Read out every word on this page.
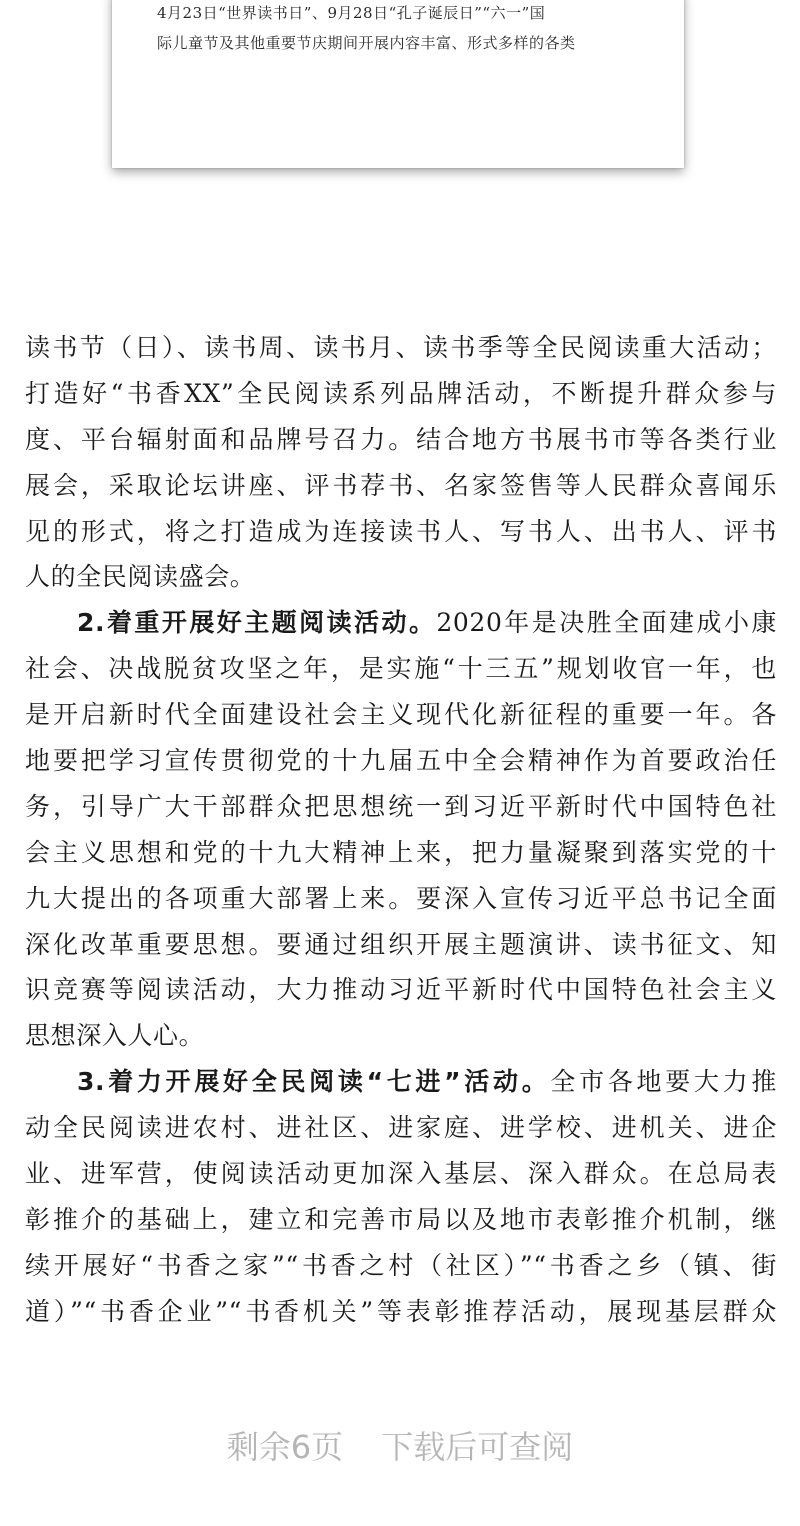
4月23日“世界读书日”、9月28日“孔子诞辰日”“六一”国
际儿童节及其他重要节庆期间开展内容丰富、形式多样的各类
读书节（日）、读书周、读书月、读书季等全民阅读重大活动；
打造好“书香XX”全民阅读系列品牌活动，不断提升群众参与
度、平台辐射面和品牌号召力。结合地方书展书市等各类行业
展会，采取论坛讲座、评书荐书、名家签售等人民群众喜闻乐
见的形式，将之打造成为连接读书人、写书人、出书人、评书
人的全民阅读盛会。
2.着重开展好主题阅读活动。2020年是决胜全面建成小康
社会、决战脱贫攻坚之年，是实施“十三五”规划收官一年，也
是开启新时代全面建设社会主义现代化新征程的重要一年。各
地要把学习宣传贯彻党的十九届五中全会精神作为首要政治任
务，引导广大干部群众把思想统一到习近平新时代中国特色社
会主义思想和党的十九大精神上来，把力量凝聚到落实党的十
九大提出的各项重大部署上来。要深入宣传习近平总书记全面
深化改革重要思想。要通过组织开展主题演讲、读书征文、知
识竞赛等阅读活动，大力推动习近平新时代中国特色社会主义
思想深入人心。
3.着力开展好全民阅读“七进”活动。全市各地要大力推
动全民阅读进农村、进社区、进家庭、进学校、进机关、进企
业、进军营，使阅读活动更加深入基层、深入群众。在总局表
彰推介的基础上，建立和完善市局以及地市表彰推介机制，继
续开展好“书香之家”“书香之村（社区）”“书香之乡（镇、街
道）”“书香企业”“书香机关”等表彰推荐活动，展现基层群众
剩余6页 下载后可查阅
